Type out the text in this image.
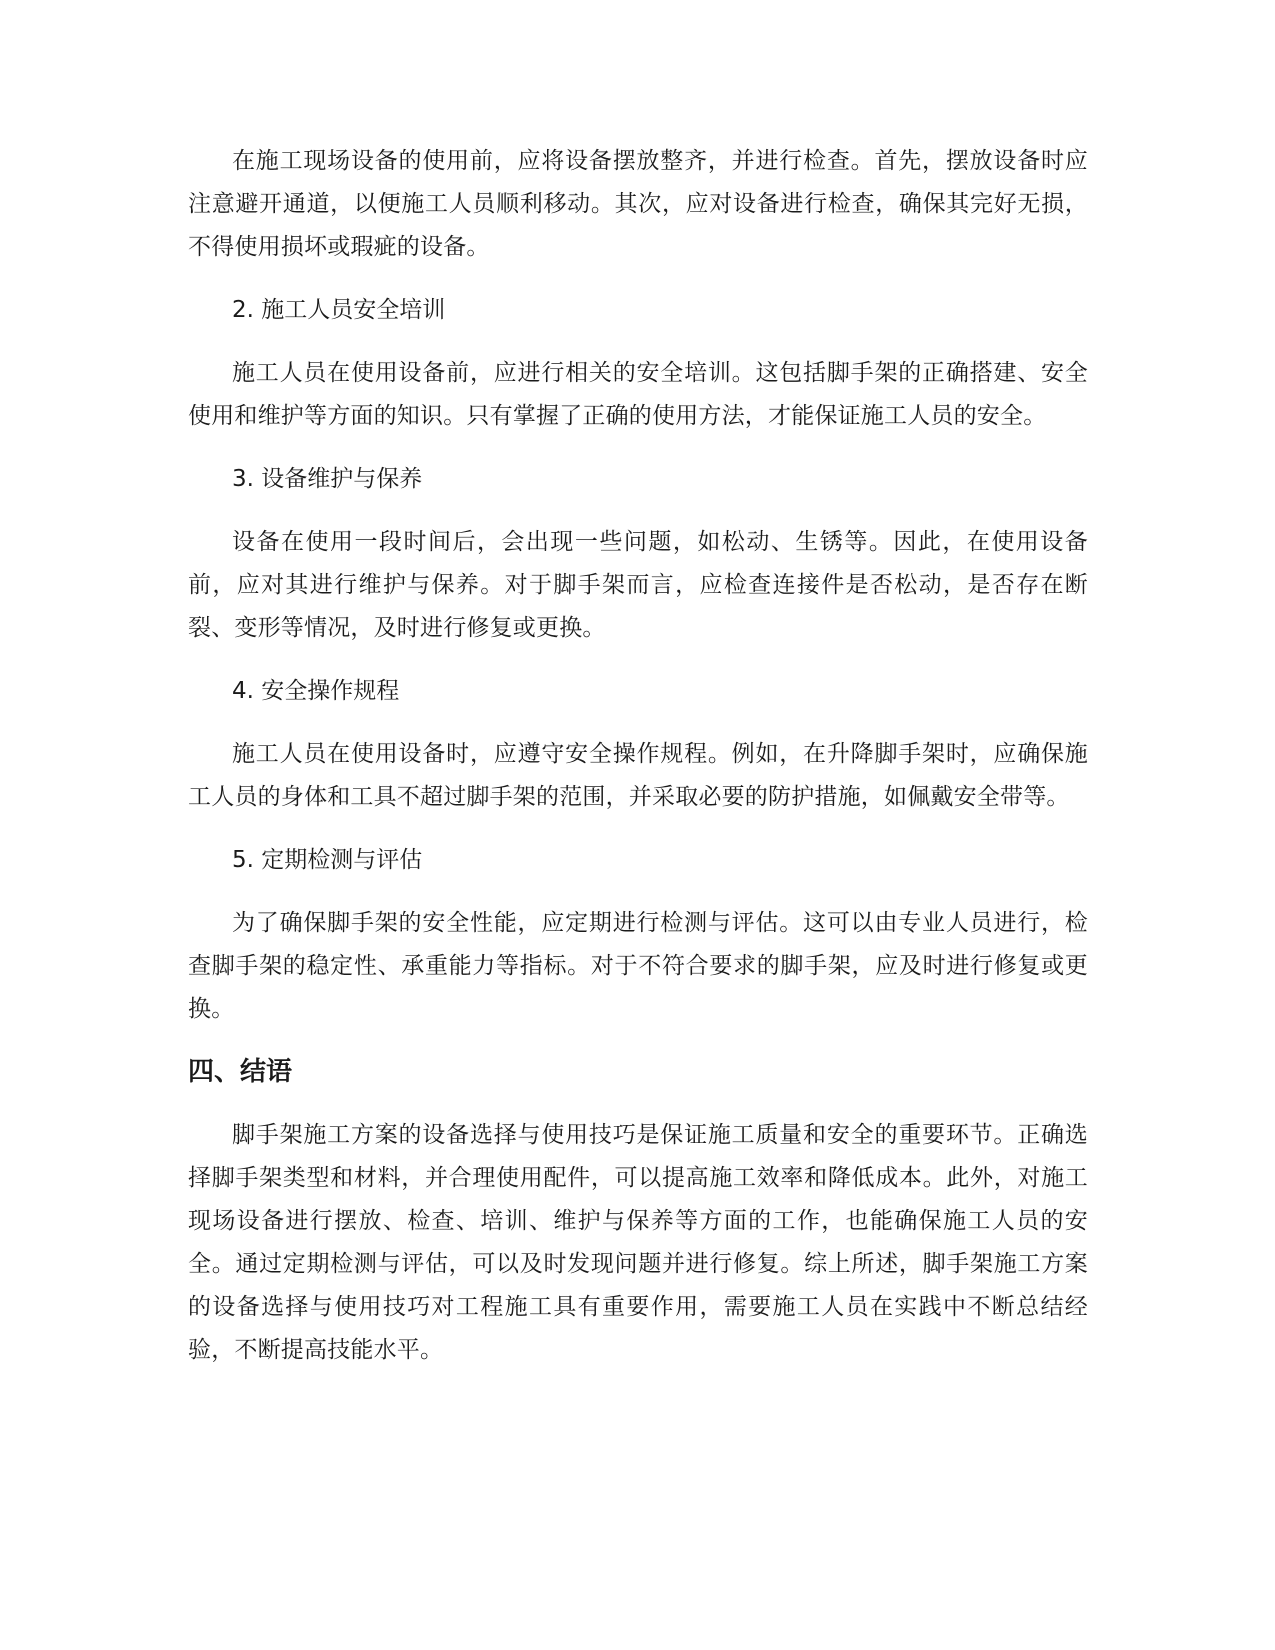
在施工现场设备的使用前，应将设备摆放整齐，并进行检查。首先，摆放设备时应注意避开通道，以便施工人员顺利移动。其次，应对设备进行检查，确保其完好无损，不得使用损坏或瑕疵的设备。

2. 施工人员安全培训

施工人员在使用设备前，应进行相关的安全培训。这包括脚手架的正确搭建、安全使用和维护等方面的知识。只有掌握了正确的使用方法，才能保证施工人员的安全。

3. 设备维护与保养

设备在使用一段时间后，会出现一些问题，如松动、生锈等。因此，在使用设备前，应对其进行维护与保养。对于脚手架而言，应检查连接件是否松动，是否存在断裂、变形等情况，及时进行修复或更换。

4. 安全操作规程

施工人员在使用设备时，应遵守安全操作规程。例如，在升降脚手架时，应确保施工人员的身体和工具不超过脚手架的范围，并采取必要的防护措施，如佩戴安全带等。

5. 定期检测与评估

为了确保脚手架的安全性能，应定期进行检测与评估。这可以由专业人员进行，检查脚手架的稳定性、承重能力等指标。对于不符合要求的脚手架，应及时进行修复或更换。

四、结语

脚手架施工方案的设备选择与使用技巧是保证施工质量和安全的重要环节。正确选择脚手架类型和材料，并合理使用配件，可以提高施工效率和降低成本。此外，对施工现场设备进行摆放、检查、培训、维护与保养等方面的工作，也能确保施工人员的安全。通过定期检测与评估，可以及时发现问题并进行修复。综上所述，脚手架施工方案的设备选择与使用技巧对工程施工具有重要作用，需要施工人员在实践中不断总结经验，不断提高技能水平。
